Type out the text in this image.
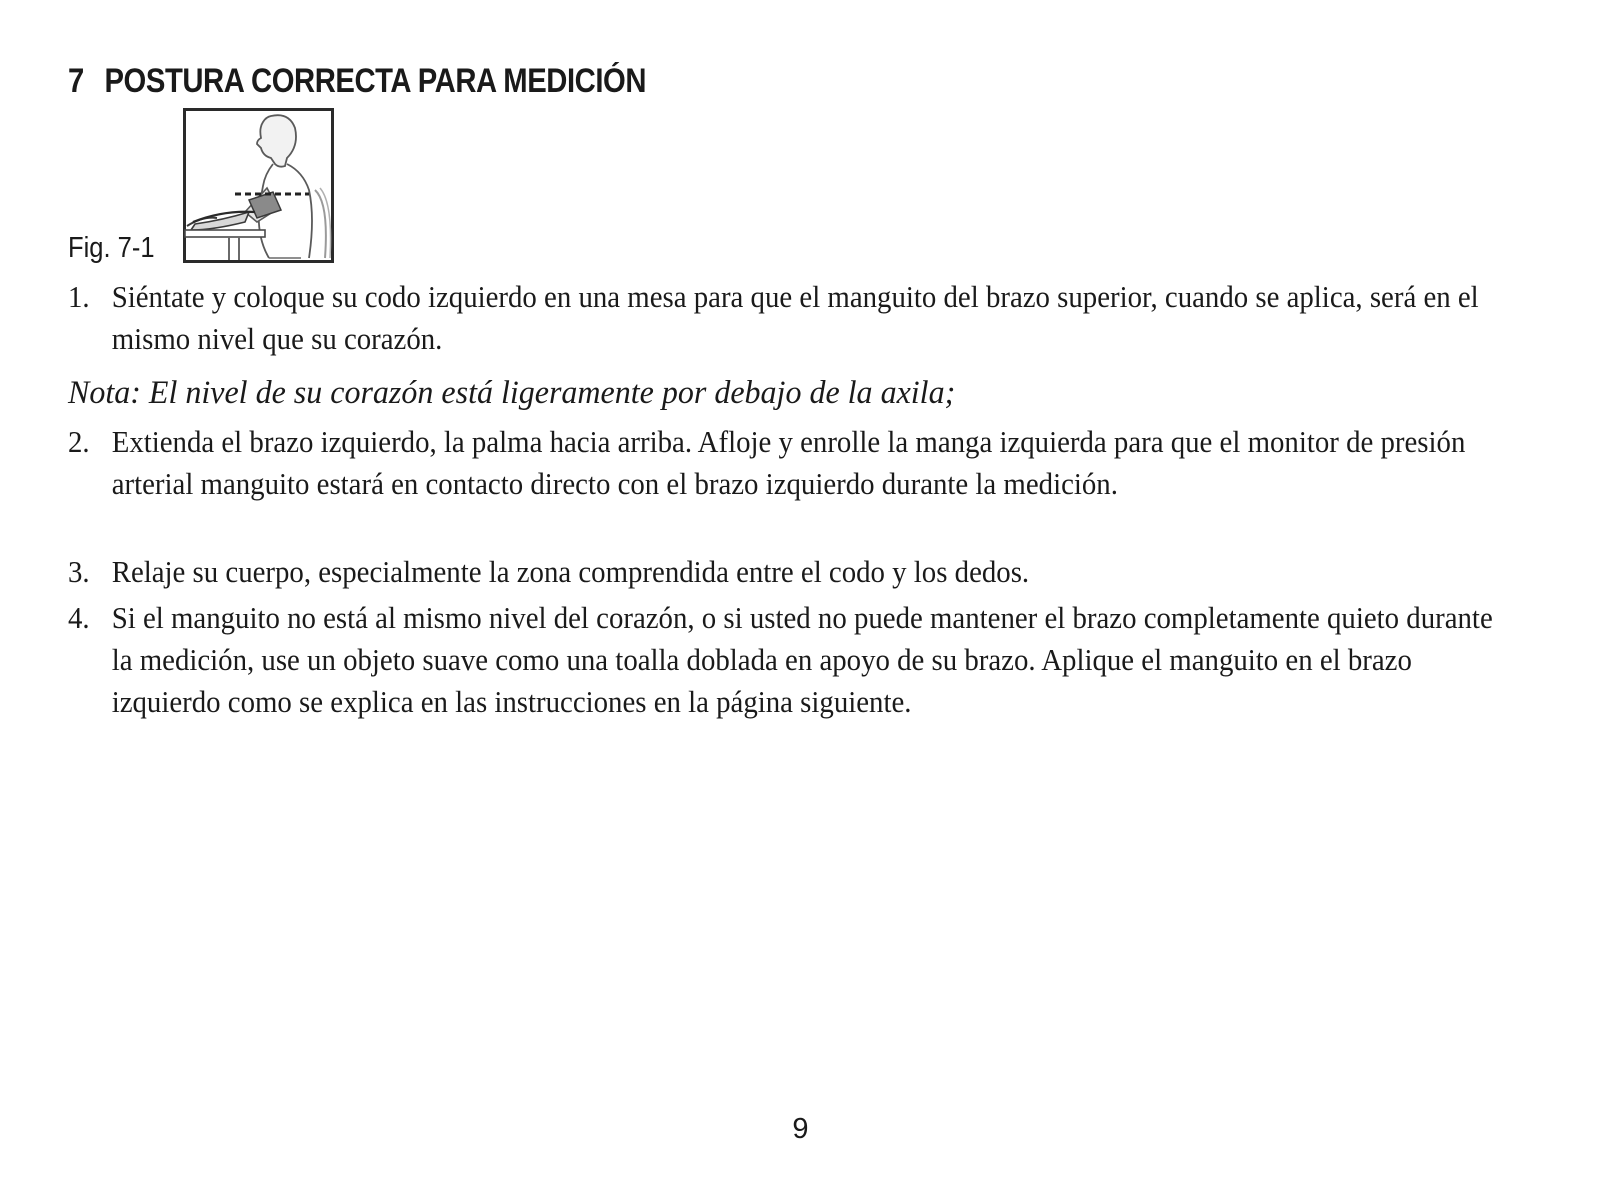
7 POSTURA CORRECTA PARA MEDICIÓN
Fig. 7-1
1. Siéntate y coloque su codo izquierdo en una mesa para que el manguito del brazo superior, cuando se aplica, será en el mismo nivel que su corazón.

Nota: El nivel de su corazón está ligeramente por debajo de la axila;

2. Extienda el brazo izquierdo, la palma hacia arriba. Afloje y enrolle la manga izquierda para que el monitor de presión arterial manguito estará en contacto directo con el brazo izquierdo durante la medición.

3. Relaje su cuerpo, especialmente la zona comprendida entre el codo y los dedos.

4. Si el manguito no está al mismo nivel del corazón, o si usted no puede mantener el brazo completamente quieto durante la medición, use un objeto suave como una toalla doblada en apoyo de su brazo. Aplique el manguito en el brazo izquierdo como se explica en las instrucciones en la página siguiente.

9
